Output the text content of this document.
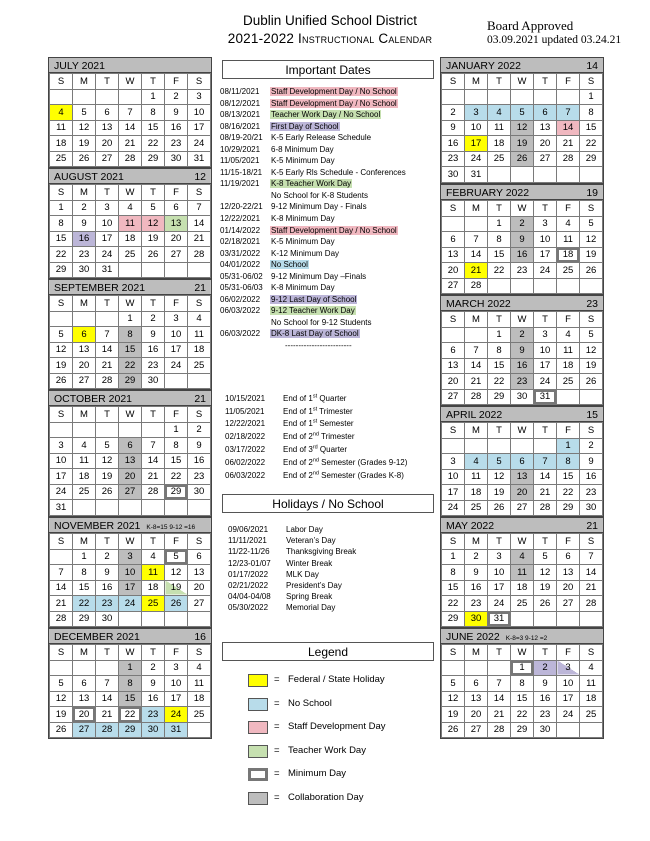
Dublin Unified School District
2021-2022 Instructional Calendar
Board Approved
03.09.2021 updated 03.24.21
Important Dates
08/11/2021 Staff Development Day / No School
08/12/2021 Staff Development Day / No School
08/13/2021 Teacher Work Day / No School
08/16/2021 First Day of School
08/19-20/21 K-5 Early Release Schedule
10/29/2021 6-8 Minimum Day
11/05/2021 K-5 Minimum Day
11/15-18/21 K-5 Early Rls Schedule - Conferences
11/19/2021 K-8 Teacher Work Day
No School for K-8 Students
12/20-22/21 9-12 Minimum Day - Finals
12/22/2021 K-8 Minimum Day
01/14/2022 Staff Development Day / No School
02/18/2021 K-5 Minimum Day
03/31/2022 K-12 Minimum Day
04/01/2022 No School
05/31-06/02 9-12 Minimum Day –Finals
05/31-06/03 K-8 Minimum Day
06/02/2022 9-12 Last Day of School
06/03/2022 9-12 Teacher Work Day
No School for 9-12 Students
06/03/2022 DK-8 Last Day of School
-------------------------
10/15/2021 End of 1st Quarter
11/05/2021 End of 1st Trimester
12/22/2021 End of 1st Semester
02/18/2022 End of 2nd Trimester
03/17/2022 End of 3rd Quarter
06/02/2022 End of 2nd Semester (Grades 9-12)
06/03/2022 End of 2nd Semester (Grades K-8)
Holidays / No School
09/06/2021 Labor Day
11/11/2021 Veteran’s Day
11/22-11/26 Thanksgiving Break
12/23-01/07 Winter Break
01/17/2022 MLK Day
02/21/2022 President’s Day
04/04-04/08 Spring Break
05/30/2022 Memorial Day
Legend
= Federal / State Holiday
= No School
= Staff Development Day
= Teacher Work Day
= Minimum Day
= Collaboration Day
JULY 2021
S	M	T	W	T	F	S
				1	2	3
4	5	6	7	8	9	10
11	12	13	14	15	16	17
18	19	20	21	22	23	24
25	26	27	28	29	30	31
AUGUST 2021	12
S	M	T	W	T	F	S
1	2	3	4	5	6	7
8	9	10	11	12	13	14
15	16	17	18	19	20	21
22	23	24	25	26	27	28
29	30	31				
SEPTEMBER 2021	21
S	M	T	W	T	F	S
			1	2	3	4
5	6	7	8	9	10	11
12	13	14	15	16	17	18
19	20	21	22	23	24	25
26	27	28	29	30		
OCTOBER 2021	21
S	M	T	W	T	F	S
					1	2
3	4	5	6	7	8	9
10	11	12	13	14	15	16
17	18	19	20	21	22	23
24	25	26	27	28	29	30
31						
NOVEMBER 2021 K-8=15 9-12 =16
S	M	T	W	T	F	S
	1	2	3	4	5	6
7	8	9	10	11	12	13
14	15	16	17	18	19	20
21	22	23	24	25	26	27
28	29	30				
DECEMBER 2021	16
S	M	T	W	T	F	S
			1	2	3	4
5	6	7	8	9	10	11
12	13	14	15	16	17	18
19	20	21	22	23	24	25
26	27	28	29	30	31	
JANUARY 2022	14
S	M	T	W	T	F	S
						1
2	3	4	5	6	7	8
9	10	11	12	13	14	15
16	17	18	19	20	21	22
23	24	25	26	27	28	29
30	31					
FEBRUARY 2022	19
S	M	T	W	T	F	S
		1	2	3	4	5
6	7	8	9	10	11	12
13	14	15	16	17	18	19
20	21	22	23	24	25	26
27	28					
MARCH 2022	23
S	M	T	W	T	F	S
		1	2	3	4	5
6	7	8	9	10	11	12
13	14	15	16	17	18	19
20	21	22	23	24	25	26
27	28	29	30	31		
APRIL 2022	15
S	M	T	W	T	F	S
					1	2
3	4	5	6	7	8	9
10	11	12	13	14	15	16
17	18	19	20	21	22	23
24	25	26	27	28	29	30
MAY 2022	21
S	M	T	W	T	F	S
1	2	3	4	5	6	7
8	9	10	11	12	13	14
15	16	17	18	19	20	21
22	23	24	25	26	27	28
29	30	31				
JUNE 2022 K-8=3 9-12 =2
S	M	T	W	T	F	S
			1	2	3	4
5	6	7	8	9	10	11
12	13	14	15	16	17	18
19	20	21	22	23	24	25
26	27	28	29	30		
